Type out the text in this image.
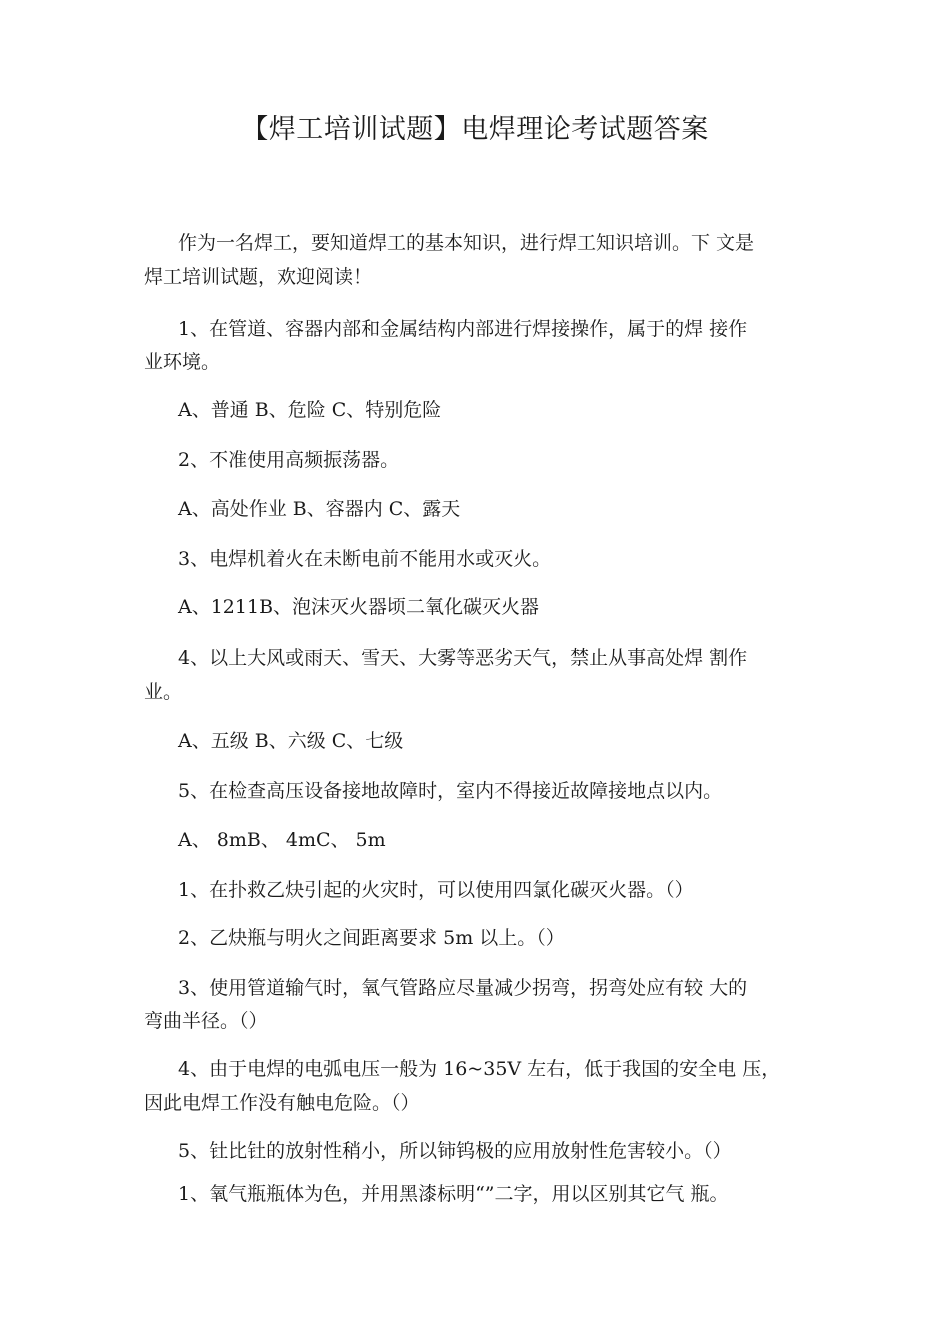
【焊工培训试题】电焊理论考试题答案

作为一名焊工，要知道焊工的基本知识，进行焊工知识培训。下 文是

焊工培训试题，欢迎阅读！

1、在管道、容器内部和金属结构内部进行焊接操作，属于的焊 接作

业环境。

A、普通 B、危险 C、特别危险

2、不准使用高频振荡器。

A、高处作业 B、容器内 C、露天

3、电焊机着火在未断电前不能用水或灭火。

A、1211B、泡沫灭火器顷二氧化碳灭火器

4、以上大风或雨天、雪天、大雾等恶劣天气，禁止从事高处焊 割作

业。

A、五级 B、六级 C、七级

5、在检查高压设备接地故障时，室内不得接近故障接地点以内。

A、 8mB、 4mC、 5m

1、在扑救乙炔引起的火灾时，可以使用四氯化碳灭火器。（）

2、乙炔瓶与明火之间距离要求 5m 以上。（）

3、使用管道输气时，氧气管路应尽量减少拐弯，拐弯处应有较 大的

弯曲半径。（）

4、由于电焊的电弧电压一般为 16~35V 左右，低于我国的安全电 压，

因此电焊工作没有触电危险。（）

5、钍比钍的放射性稍小，所以铈钨极的应用放射性危害较小。（）

1、氧气瓶瓶体为色，并用黑漆标明“”二字，用以区别其它气 瓶。
